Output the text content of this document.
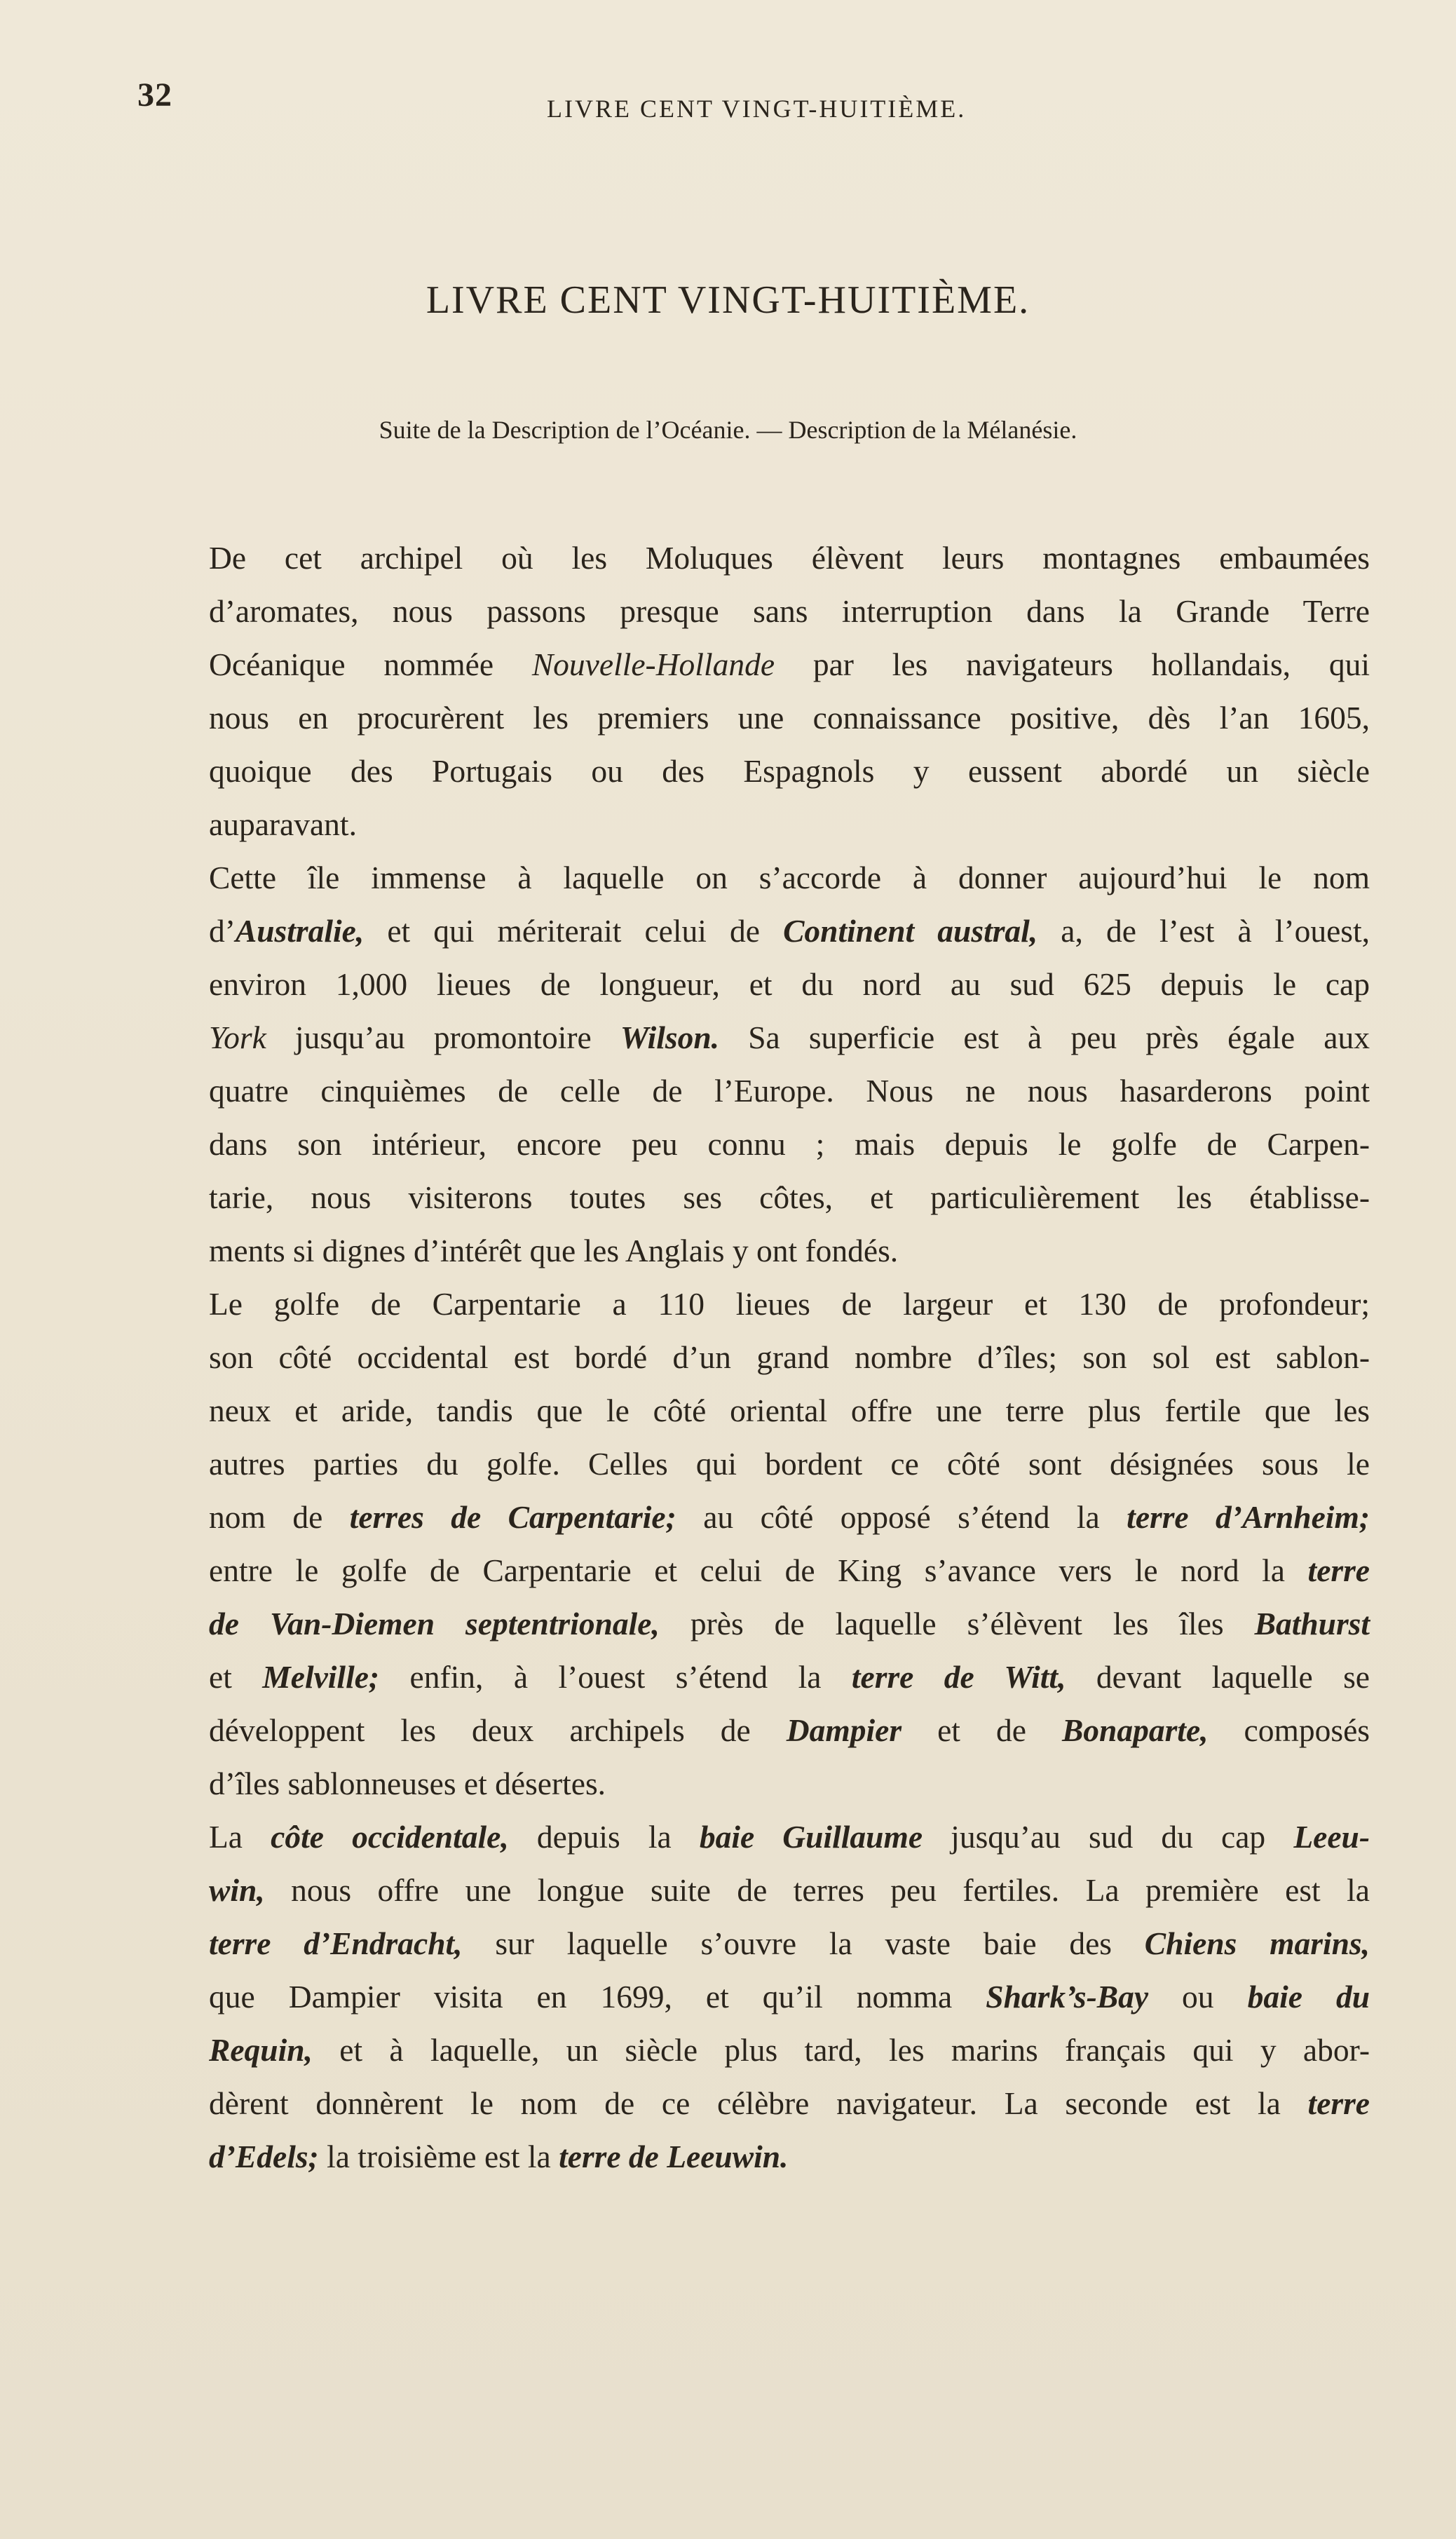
32	LIVRE CENT VINGT-HUITIÈME.
LIVRE CENT VINGT-HUITIÈME.
Suite de la Description de l’Océanie. — Description de la Mélanésie.
De cet archipel où les Moluques élèvent leurs montagnes embaumées
d’aromates, nous passons presque sans interruption dans la Grande Terre
Océanique nommée Nouvelle-Hollande par les navigateurs hollandais, qui
nous en procurèrent les premiers une connaissance positive, dès l’an 1605,
quoique des Portugais ou des Espagnols y eussent abordé un siècle
auparavant.
Cette île immense à laquelle on s’accorde à donner aujourd’hui le nom
d’Australie, et qui mériterait celui de Continent austral, a, de l’est à l’ouest,
environ 1,000 lieues de longueur, et du nord au sud 625 depuis le cap
York jusqu’au promontoire Wilson. Sa superficie est à peu près égale aux
quatre cinquièmes de celle de l’Europe. Nous ne nous hasarderons point
dans son intérieur, encore peu connu ; mais depuis le golfe de Carpen-
tarie, nous visiterons toutes ses côtes, et particulièrement les établisse-
ments si dignes d’intérêt que les Anglais y ont fondés.
Le golfe de Carpentarie a 110 lieues de largeur et 130 de profondeur;
son côté occidental est bordé d’un grand nombre d’îles; son sol est sablon-
neux et aride, tandis que le côté oriental offre une terre plus fertile que les
autres parties du golfe. Celles qui bordent ce côté sont désignées sous le
nom de terres de Carpentarie; au côté opposé s’étend la terre d’Arnheim;
entre le golfe de Carpentarie et celui de King s’avance vers le nord la terre
de Van-Diemen septentrionale, près de laquelle s’élèvent les îles Bathurst
et Melville; enfin, à l’ouest s’étend la terre de Witt, devant laquelle se
développent les deux archipels de Dampier et de Bonaparte, composés
d’îles sablonneuses et désertes.
La côte occidentale, depuis la baie Guillaume jusqu’au sud du cap Leeu-
win, nous offre une longue suite de terres peu fertiles. La première est la
terre d’Endracht, sur laquelle s’ouvre la vaste baie des Chiens marins,
que Dampier visita en 1699, et qu’il nomma Shark’s-Bay ou baie du
Requin, et à laquelle, un siècle plus tard, les marins français qui y abor-
dèrent donnèrent le nom de ce célèbre navigateur. La seconde est la terre
d’Edels; la troisième est la terre de Leeuwin.
